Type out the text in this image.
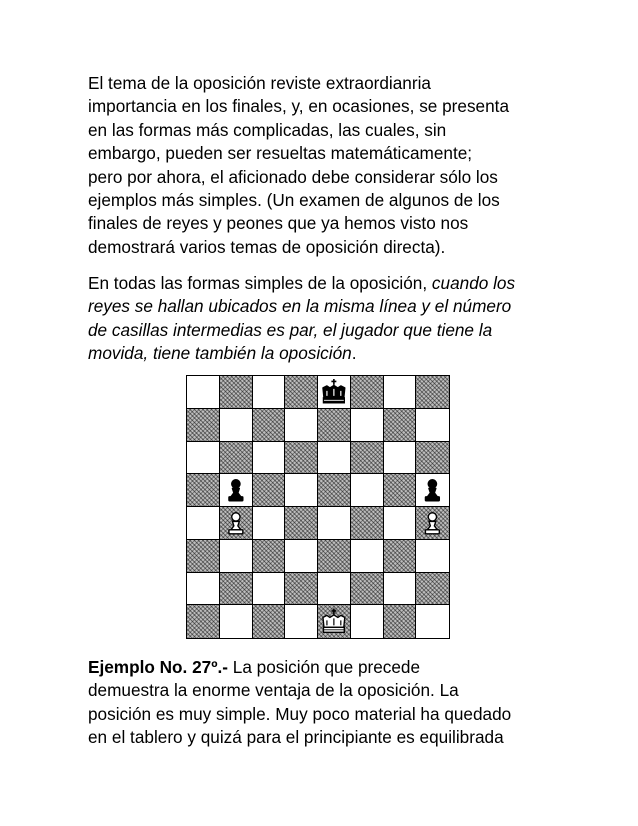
El tema de la oposición reviste extraordianria
importancia en los finales, y, en ocasiones, se presenta
en las formas más complicadas, las cuales, sin
embargo, pueden ser resueltas matemáticamente;
pero por ahora, el aficionado debe considerar sólo los
ejemplos más simples. (Un examen de algunos de los
finales de reyes y peones que ya hemos visto nos
demostrará varios temas de oposición directa).
En todas las formas simples de la oposición, cuando los
reyes se hallan ubicados en la misma línea y el número
de casillas intermedias es par, el jugador que tiene la
movida, tiene también la oposición.
Ejemplo No. 27º.- La posición que precede
demuestra la enorme ventaja de la oposición. La
posición es muy simple. Muy poco material ha quedado
en el tablero y quizá para el principiante es equilibrada
